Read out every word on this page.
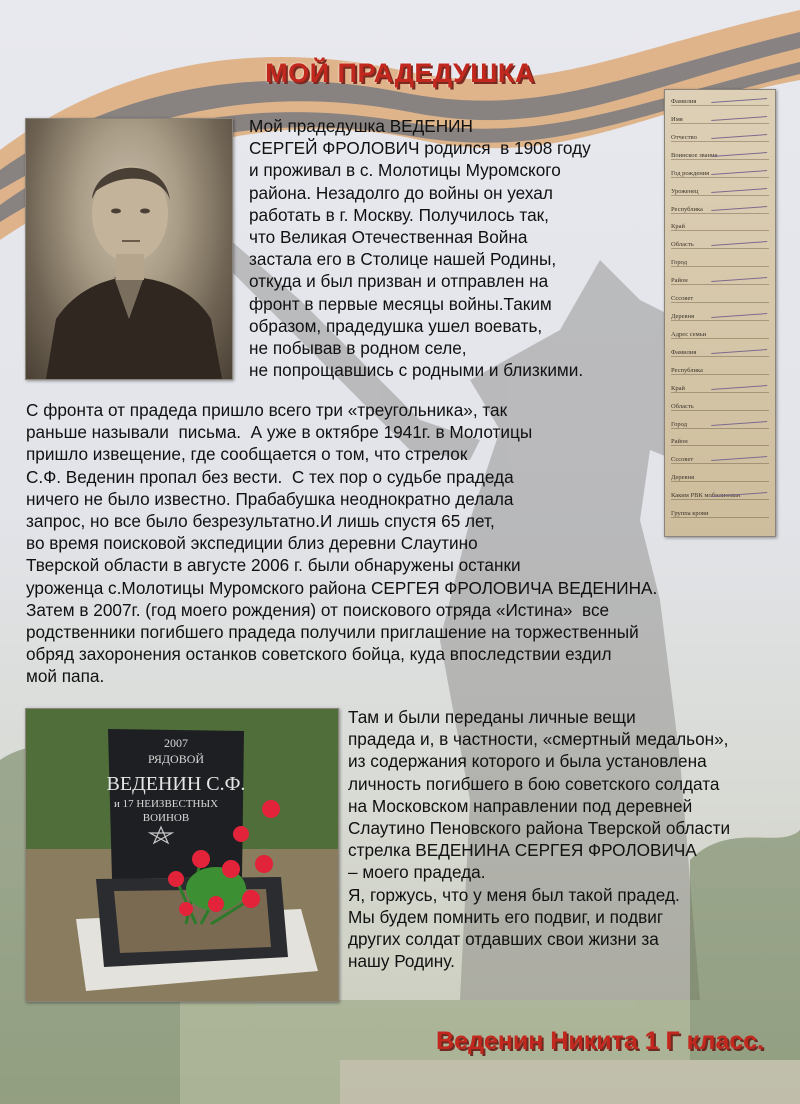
МОЙ ПРАДЕДУШКА
Фамилия
Имя
Отчество
Воинское звание
Год рождения
Уроженец
Республика
Край
Область
Город
Район
Сссовет
Деревня
Адрес семьи
Фамилия
Республика
Край
Область
Город
Район
Сссовет
Деревня
Каким РВК мобилизован
Группа крови
2007
РЯДОВОЙ
ВЕДЕНИН С.Ф.
и 17 НЕИЗВЕСТНЫХ
ВОИНОВ

Мой прадедушка ВЕДЕНИН
СЕРГЕЙ ФРОЛОВИЧ родился  в 1908 году
и проживал в с. Молотицы Муромского
района. Незадолго до войны он уехал
работать в г. Москву. Получилось так,
что Великая Отечественная Война
застала его в Столице нашей Родины,
откуда и был призван и отправлен на
фронт в первые месяцы войны.Таким
образом, прадедушка ушел воевать,
не побывав в родном селе,
не попрощавшись с родными и близкими.

С фронта от прадеда пришло всего три «треугольника», так
раньше называли  письма.  А уже в октябре 1941г. в Молотицы
пришло извещение, где сообщается о том, что стрелок
С.Ф. Веденин пропал без вести.  С тех пор о судьбе прадеда
ничего не было известно. Прабабушка неоднократно делала
запрос, но все было безрезультатно.И лишь спустя 65 лет,
во время поисковой экспедиции близ деревни Слаутино
Тверской области в августе 2006 г. были обнаружены останки
уроженца с.Молотицы Муромского района СЕРГЕЯ ФРОЛОВИЧА ВЕДЕНИНА.
Затем в 2007г. (год моего рождения) от поискового отряда «Истина»  все
родственники погибшего прадеда получили приглашение на торжественный
обряд захоронения останков советского бойца, куда впоследствии ездил
мой папа.

Там и были переданы личные вещи
прадеда и, в частности, «смертный медальон»,
из содержания которого и была установлена
личность погибшего в бою советского солдата
на Московском направлении под деревней
Слаутино Пеновского района Тверской области
стрелка ВЕДЕНИНА СЕРГЕЯ ФРОЛОВИЧА
– моего прадеда.
Я, горжусь, что у меня был такой прадед.
Мы будем помнить его подвиг, и подвиг
других солдат отдавших свои жизни за
нашу Родину.

Веденин Никита 1 Г класс.
